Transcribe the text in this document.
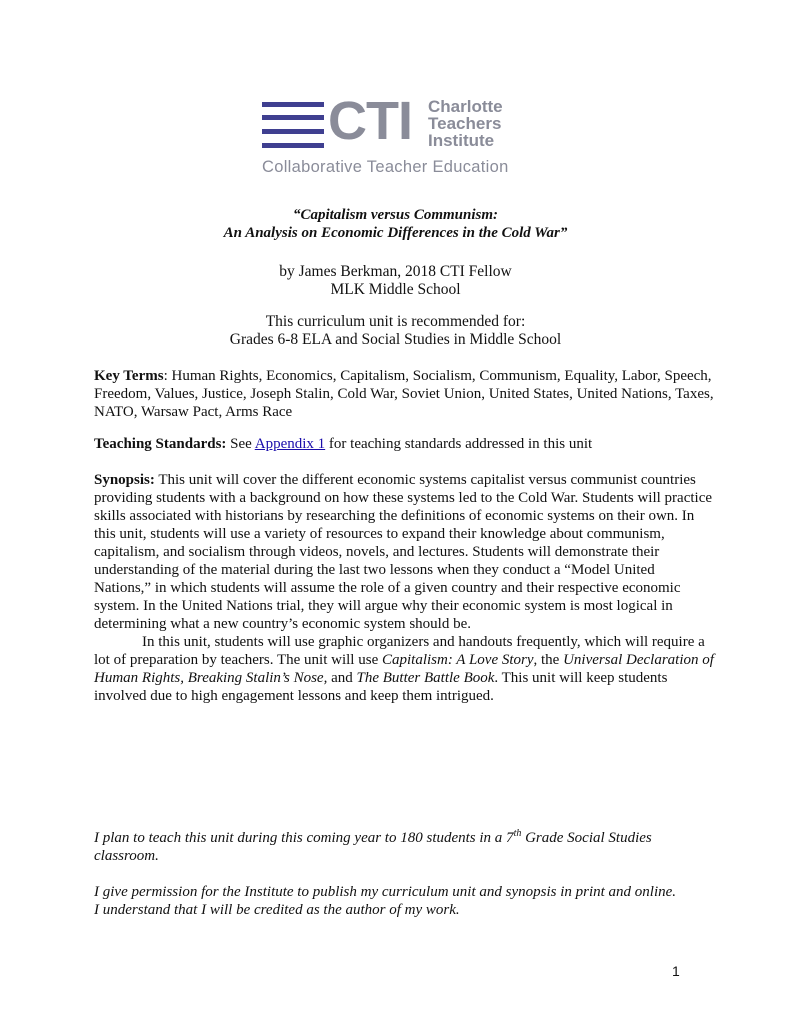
CTI Charlotte
Teachers
Institute
Collaborative Teacher Education
“Capitalism versus Communism:
An Analysis on Economic Differences in the Cold War”
by James Berkman, 2018 CTI Fellow
MLK Middle School
This curriculum unit is recommended for:
Grades 6-8 ELA and Social Studies in Middle School
Key Terms: Human Rights, Economics, Capitalism, Socialism, Communism, Equality, Labor, Speech, Freedom, Values, Justice, Joseph Stalin, Cold War, Soviet Union, United States, United Nations, Taxes, NATO, Warsaw Pact, Arms Race
Teaching Standards: See Appendix 1 for teaching standards addressed in this unit
Synopsis: This unit will cover the different economic systems capitalist versus communist countries providing students with a background on how these systems led to the Cold War. Students will practice skills associated with historians by researching the definitions of economic systems on their own. In this unit, students will use a variety of resources to expand their knowledge about communism, capitalism, and socialism through videos, novels, and lectures. Students will demonstrate their understanding of the material during the last two lessons when they conduct a “Model United Nations,” in which students will assume the role of a given country and their respective economic system. In the United Nations trial, they will argue why their economic system is most logical in determining what a new country’s economic system should be.
In this unit, students will use graphic organizers and handouts frequently, which will require a lot of preparation by teachers. The unit will use Capitalism: A Love Story, the Universal Declaration of Human Rights, Breaking Stalin’s Nose, and The Butter Battle Book. This unit will keep students involved due to high engagement lessons and keep them intrigued.
I plan to teach this unit during this coming year to 180 students in a 7th Grade Social Studies classroom.
I give permission for the Institute to publish my curriculum unit and synopsis in print and online.
I understand that I will be credited as the author of my work.
1
